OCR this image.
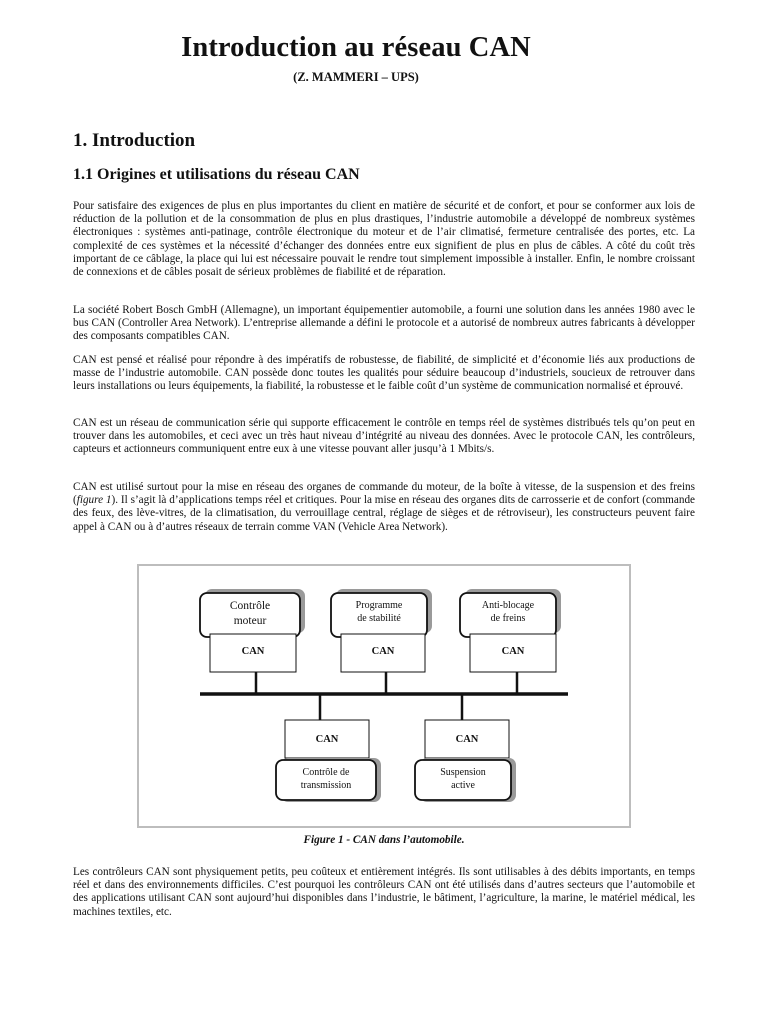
Introduction au réseau CAN
(Z. MAMMERI – UPS)
1. Introduction
1.1 Origines et utilisations du réseau CAN

Pour satisfaire des exigences de plus en plus importantes du client en matière de sécurité et de confort, et pour se conformer aux lois de réduction de la pollution et de la consommation de plus en plus drastiques, l’industrie automobile a développé de nombreux systèmes électroniques : systèmes anti-patinage, contrôle électronique du moteur et de l’air climatisé, fermeture centralisée des portes, etc. La complexité de ces systèmes et la nécessité d’échanger des données entre eux signifient de plus en plus de câbles. A côté du coût très important de ce câblage, la place qui lui est nécessaire pouvait le rendre tout simplement impossible à installer. Enfin, le nombre croissant de connexions et de câbles posait de sérieux problèmes de fiabilité et de réparation.

La société Robert Bosch GmbH (Allemagne), un important équipementier automobile, a fourni une solution dans les années 1980 avec le bus CAN (Controller Area Network). L’entreprise allemande a défini le protocole et a autorisé de nombreux autres fabricants à développer des composants compatibles CAN.

CAN est pensé et réalisé pour répondre à des impératifs de robustesse, de fiabilité, de simplicité et d’économie liés aux productions de masse de l’industrie automobile. CAN possède donc toutes les qualités pour séduire beaucoup d’industriels, soucieux de retrouver dans leurs installations ou leurs équipements, la fiabilité, la robustesse et le faible coût d’un système de communication normalisé et éprouvé.

CAN est un réseau de communication série qui supporte efficacement le contrôle en temps réel de systèmes distribués tels qu’on peut en trouver dans les automobiles, et ceci avec un très haut niveau d’intégrité au niveau des données. Avec le protocole CAN, les contrôleurs, capteurs et actionneurs communiquent entre eux à une vitesse pouvant aller jusqu’à 1 Mbits/s.

CAN est utilisé surtout pour la mise en réseau des organes de commande du moteur, de la boîte à vitesse, de la suspension et des freins (figure 1). Il s’agit là d’applications temps réel et critiques. Pour la mise en réseau des organes dits de carrosserie et de confort (commande des feux, des lève-vitres, de la climatisation, du verrouillage central, réglage de sièges et de rétroviseur), les constructeurs peuvent faire appel à CAN ou à d’autres réseaux de terrain comme VAN (Vehicle Area Network).

Contrôle
moteur
CAN
Programme
de stabilité
CAN
Anti-blocage
de freins
CAN
CAN
Contrôle de
transmission
CAN
Suspension
active
Figure 1 - CAN dans l’automobile.

Les contrôleurs CAN sont physiquement petits, peu coûteux et entièrement intégrés. Ils sont utilisables à des débits importants, en temps réel et dans des environnements difficiles. C’est pourquoi les contrôleurs CAN ont été utilisés dans d’autres secteurs que l’automobile et des applications utilisant CAN sont aujourd’hui disponibles dans l’industrie, le bâtiment, l’agriculture, la marine, le matériel médical, les machines textiles, etc.
